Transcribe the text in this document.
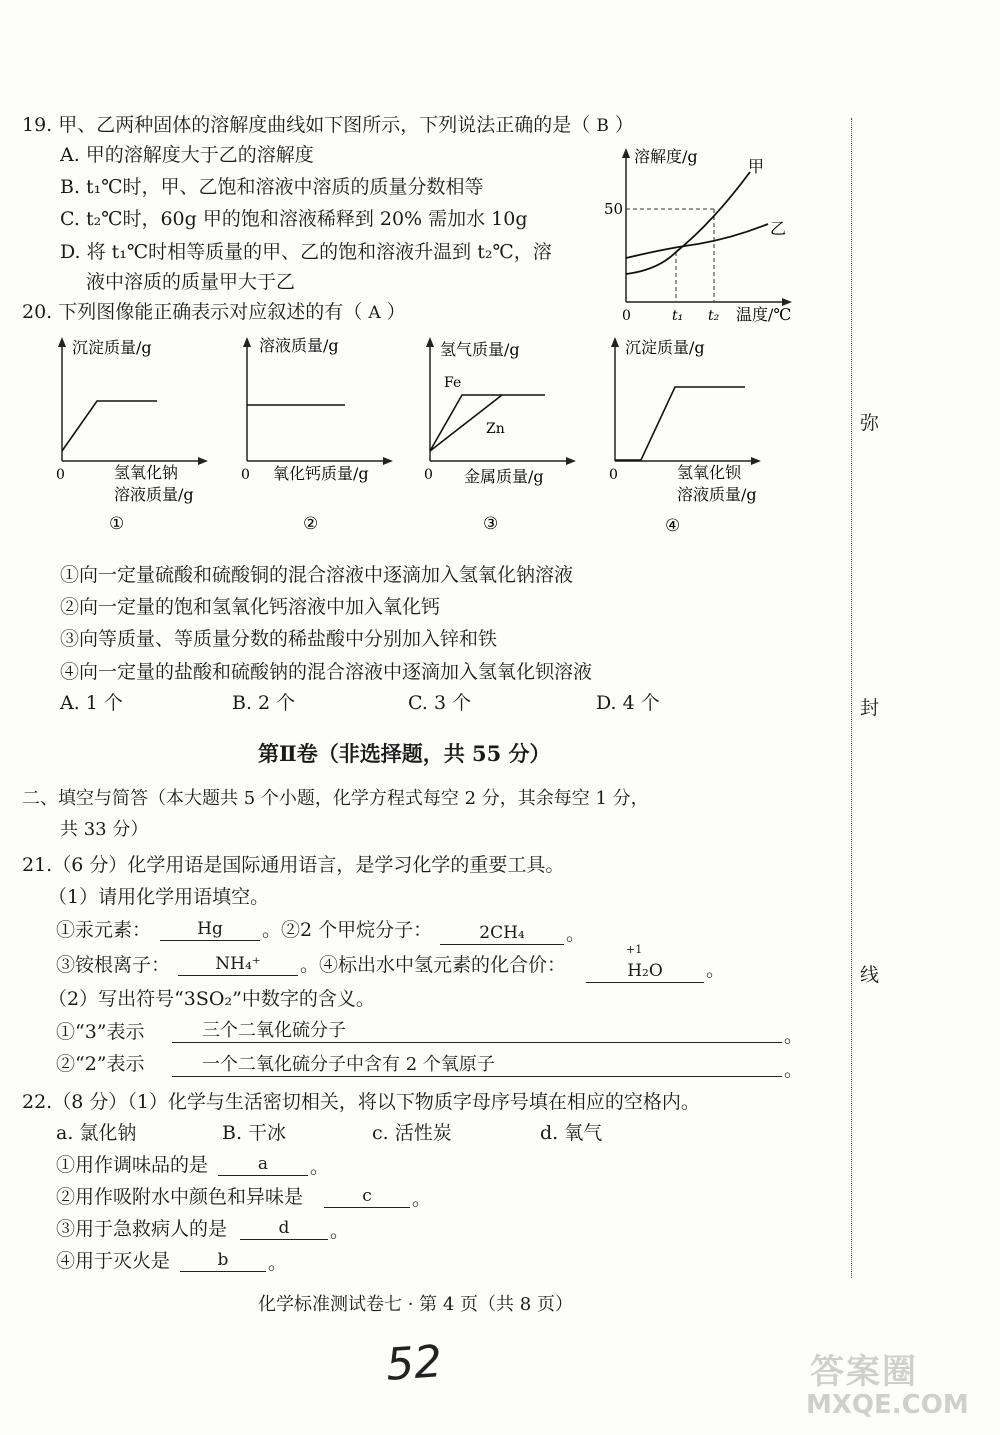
弥
封
线
19. 甲、乙两种固体的溶解度曲线如下图所示，下列说法正确的是（ B ）
A. 甲的溶解度大于乙的溶解度
B. t₁℃时，甲、乙饱和溶液中溶质的质量分数相等
C. t₂℃时，60g 甲的饱和溶液稀释到 20% 需加水 10g
D. 将 t₁℃时相等质量的甲、乙的饱和溶液升温到 t₂℃，溶
液中溶质的质量甲大于乙
溶解度/g
50
0	t₁ t₂ 温度/℃
甲
乙
20. 下列图像能正确表示对应叙述的有（ A ）
沉淀质量/g
0	氢氧化钠
溶液质量/g
①
溶液质量/g
0 氧化钙质量/g
②
氢气质量/g
Fe
Zn
0 金属质量/g
③
沉淀质量/g
0	氢氧化钡
溶液质量/g
④
①向一定量硫酸和硫酸铜的混合溶液中逐滴加入氢氧化钠溶液
②向一定量的饱和氢氧化钙溶液中加入氧化钙
③向等质量、等质量分数的稀盐酸中分别加入锌和铁
④向一定量的盐酸和硫酸钠的混合溶液中逐滴加入氢氧化钡溶液
A. 1 个	B. 2 个	C. 3 个	D. 4 个
第Ⅱ卷（非选择题，共 55 分）
二、填空与简答（本大题共 5 个小题，化学方程式每空 2 分，其余每空 1 分，
共 33 分）
21.（6 分）化学用语是国际通用语言，是学习化学的重要工具。
（1）请用化学用语填空。
①汞元素：	Hg	。②2 个甲烷分子：	2CH₄	。
③铵根离子：	NH₄⁺	。④标出水中氢元素的化合价：
+1
H₂O	。
（2）写出符号“3SO₂”中数字的含义。
①“3”表示	三个二氧化硫分子	。
②“2”表示	一个二氧化硫分子中含有 2 个氧原子	。
22.（8 分）（1）化学与生活密切相关，将以下物质字母序号填在相应的空格内。
a. 氯化钠	B. 干冰	c. 活性炭	d. 氧气
①用作调味品的是	a	。
②用作吸附水中颜色和异味是	c	。
③用于急救病人的是	d	。
④用于灭火是	b	。
化学标准测试卷七 · 第 4 页（共 8 页）
52	答案圈
MXQE.COM
